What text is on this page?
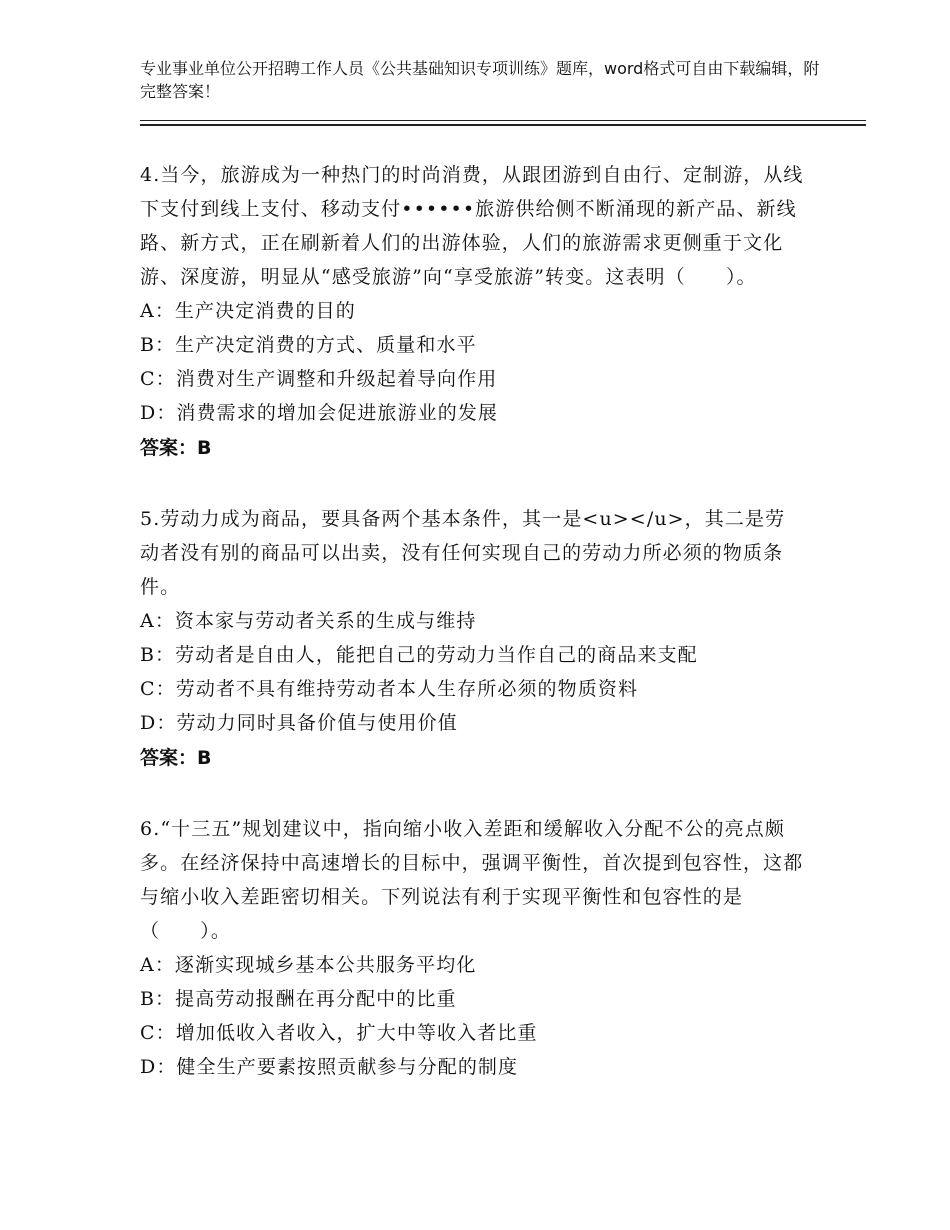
专业事业单位公开招聘工作人员《公共基础知识专项训练》题库，word格式可自由下载编辑，附完整答案！

4.当今，旅游成为一种热门的时尚消费，从跟团游到自由行、定制游，从线下支付到线上支付、移动支付••••••旅游供给侧不断涌现的新产品、新线路、新方式，正在刷新着人们的出游体验，人们的旅游需求更侧重于文化游、深度游，明显从“感受旅游”向“享受旅游”转变。这表明（　　）。

A：生产决定消费的目的

B：生产决定消费的方式、质量和水平

C：消费对生产调整和升级起着导向作用

D：消费需求的增加会促进旅游业的发展

答案：B

5.劳动力成为商品，要具备两个基本条件，其一是<u></u>，其二是劳动者没有别的商品可以出卖，没有任何实现自己的劳动力所必须的物质条件。

A：资本家与劳动者关系的生成与维持

B：劳动者是自由人，能把自己的劳动力当作自己的商品来支配

C：劳动者不具有维持劳动者本人生存所必须的物质资料

D：劳动力同时具备价值与使用价值

答案：B

6.“十三五”规划建议中，指向缩小收入差距和缓解收入分配不公的亮点颇多。在经济保持中高速增长的目标中，强调平衡性，首次提到包容性，这都与缩小收入差距密切相关。下列说法有利于实现平衡性和包容性的是（　　）。

A：逐渐实现城乡基本公共服务平均化

B：提高劳动报酬在再分配中的比重

C：增加低收入者收入，扩大中等收入者比重

D：健全生产要素按照贡献参与分配的制度
